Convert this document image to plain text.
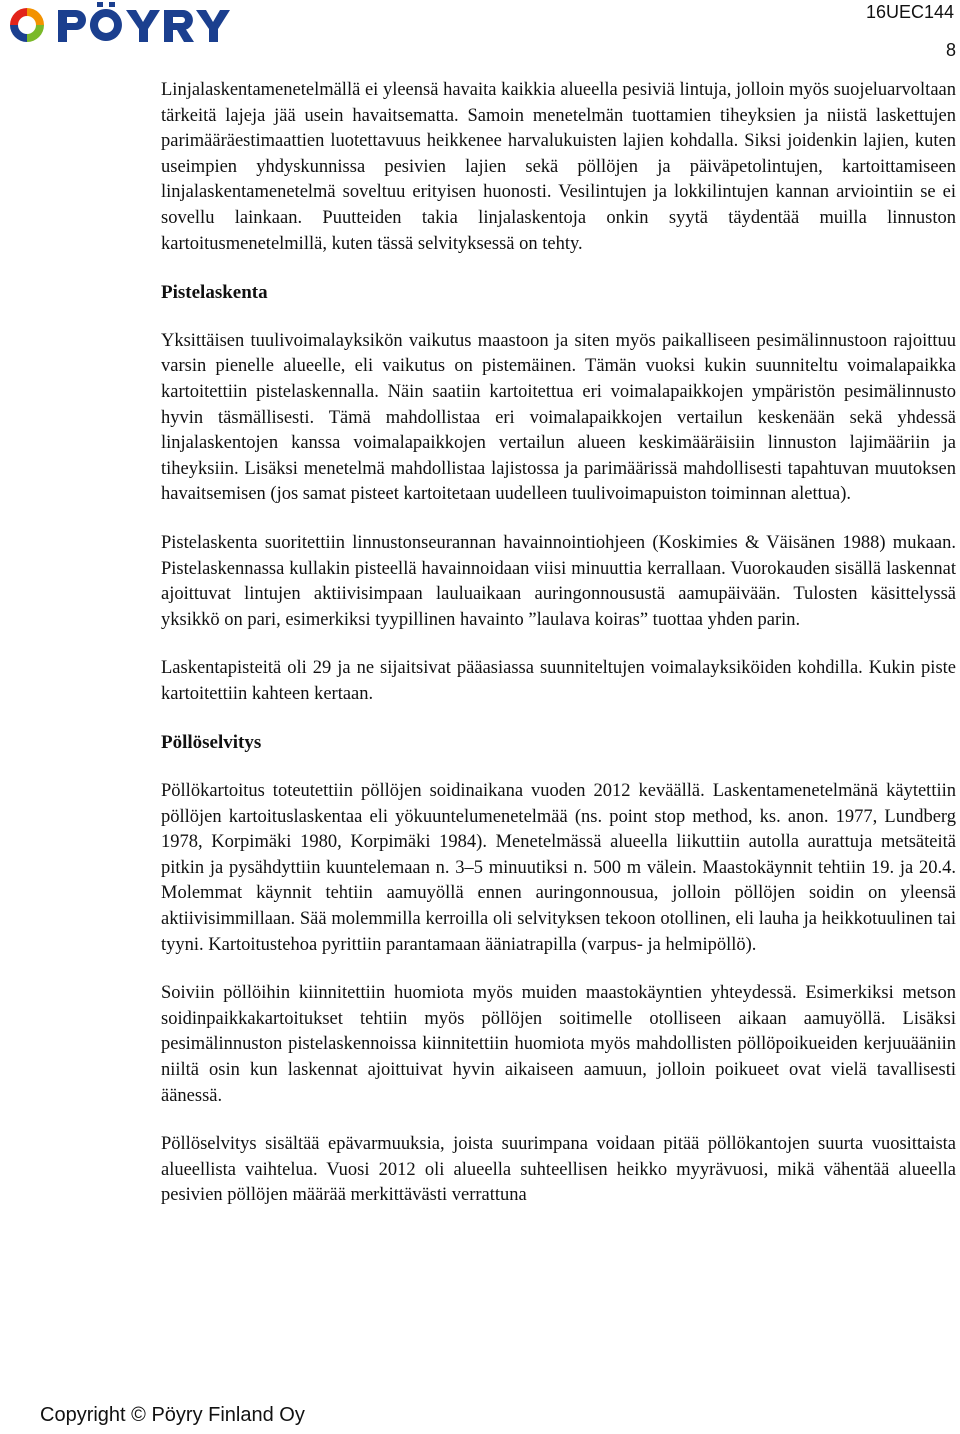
16UEC144
8

Linjalaskentamenetelmällä ei yleensä havaita kaikkia alueella pesiviä lintuja, jolloin myös suojeluarvoltaan tärkeitä lajeja jää usein havaitsematta. Samoin menetelmän tuottamien tiheyksien ja niistä laskettujen parimääräestimaattien luotettavuus heikkenee harvalukuisten lajien kohdalla. Siksi joidenkin lajien, kuten useimpien yhdyskunnissa pesivien lajien sekä pöllöjen ja päiväpetolintujen, kartoittamiseen linjalaskentamenetelmä soveltuu erityisen huonosti. Vesilintujen ja lokkilintujen kannan arviointiin se ei sovellu lainkaan. Puutteiden takia linjalaskentoja onkin syytä täydentää muilla linnuston kartoitusmenetelmillä, kuten tässä selvityksessä on tehty.

Pistelaskenta

Yksittäisen tuulivoimalayksikön vaikutus maastoon ja siten myös paikalliseen pesimälinnustoon rajoittuu varsin pienelle alueelle, eli vaikutus on pistemäinen. Tämän vuoksi kukin suunniteltu voimalapaikka kartoitettiin pistelaskennalla. Näin saatiin kartoitettua eri voimalapaikkojen ympäristön pesimälinnusto hyvin täsmällisesti. Tämä mahdollistaa eri voimalapaikkojen vertailun keskenään sekä yhdessä linjalaskentojen kanssa voimalapaikkojen vertailun alueen keskimääräisiin linnuston lajimääriin ja tiheyksiin. Lisäksi menetelmä mahdollistaa lajistossa ja parimäärissä mahdollisesti tapahtuvan muutoksen havaitsemisen (jos samat pisteet kartoitetaan uudelleen tuulivoimapuiston toiminnan alettua).

Pistelaskenta suoritettiin linnustonseurannan havainnointiohjeen (Koskimies & Väisänen 1988) mukaan. Pistelaskennassa kullakin pisteellä havainnoidaan viisi minuuttia kerrallaan. Vuorokauden sisällä laskennat ajoittuvat lintujen aktiivisimpaan lauluaikaan auringonnousustä aamupäivään. Tulosten käsittelyssä yksikkö on pari, esimerkiksi tyypillinen havainto ”laulava koiras” tuottaa yhden parin.

Laskentapisteitä oli 29 ja ne sijaitsivat pääasiassa suunniteltujen voimalayksiköiden kohdilla. Kukin piste kartoitettiin kahteen kertaan.

Pöllöselvitys

Pöllökartoitus toteutettiin pöllöjen soidinaikana vuoden 2012 keväällä. Laskentamenetelmänä käytettiin pöllöjen kartoituslaskentaa eli yökuuntelumenetelmää (ns. point stop method, ks. anon. 1977, Lundberg 1978, Korpimäki 1980, Korpimäki 1984). Menetelmässä alueella liikuttiin autolla aurattuja metsäteitä pitkin ja pysähdyttiin kuuntelemaan n. 3–5 minuutiksi n. 500 m välein. Maastokäynnit tehtiin 19. ja 20.4. Molemmat käynnit tehtiin aamuyöllä ennen auringonnousua, jolloin pöllöjen soidin on yleensä aktiivisimmillaan. Sää molemmilla kerroilla oli selvityksen tekoon otollinen, eli lauha ja heikkotuulinen tai tyyni. Kartoitustehoa pyrittiin parantamaan ääniatrapilla (varpus- ja helmipöllö).

Soiviin pöllöihin kiinnitettiin huomiota myös muiden maastokäyntien yhteydessä. Esimerkiksi metson soidinpaikkakartoitukset tehtiin myös pöllöjen soitimelle otolliseen aikaan aamuyöllä. Lisäksi pesimälinnuston pistelaskennoissa kiinnitettiin huomiota myös mahdollisten pöllöpoikueiden kerjuuääniin niiltä osin kun laskennat ajoittuivat hyvin aikaiseen aamuun, jolloin poikueet ovat vielä tavallisesti äänessä.

Pöllöselvitys sisältää epävarmuuksia, joista suurimpana voidaan pitää pöllökantojen suurta vuosittaista alueellista vaihtelua. Vuosi 2012 oli alueella suhteellisen heikko myyrävuosi, mikä vähentää alueella pesivien pöllöjen määrää merkittävästi verrattuna

Copyright © Pöyry Finland Oy
